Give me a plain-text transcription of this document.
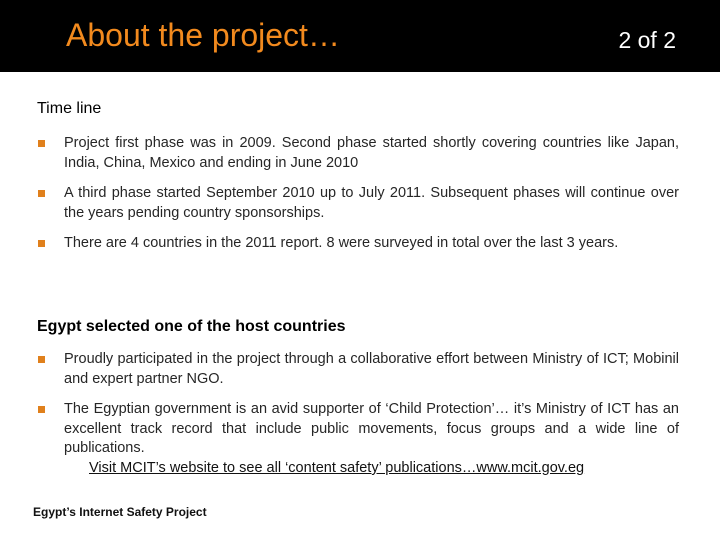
About the project…	2 of 2
Time line
Project first phase was in 2009. Second phase started shortly covering countries like Japan, India, China, Mexico and ending in June 2010
A third phase started September 2010 up to July 2011. Subsequent phases will continue over the years pending country sponsorships.
There are 4 countries in the 2011 report. 8 were surveyed in total over the last 3 years.
Egypt selected one of the host countries
Proudly participated in the project through a collaborative effort between Ministry of ICT; Mobinil and expert partner NGO.
The Egyptian government is an avid supporter of ‘Child Protection’… it’s Ministry of ICT has an excellent track record that include public movements, focus groups and a wide line of publications.
Visit MCIT’s website to see all ‘content safety’ publications…www.mcit.gov.eg
Egypt’s Internet Safety Project
